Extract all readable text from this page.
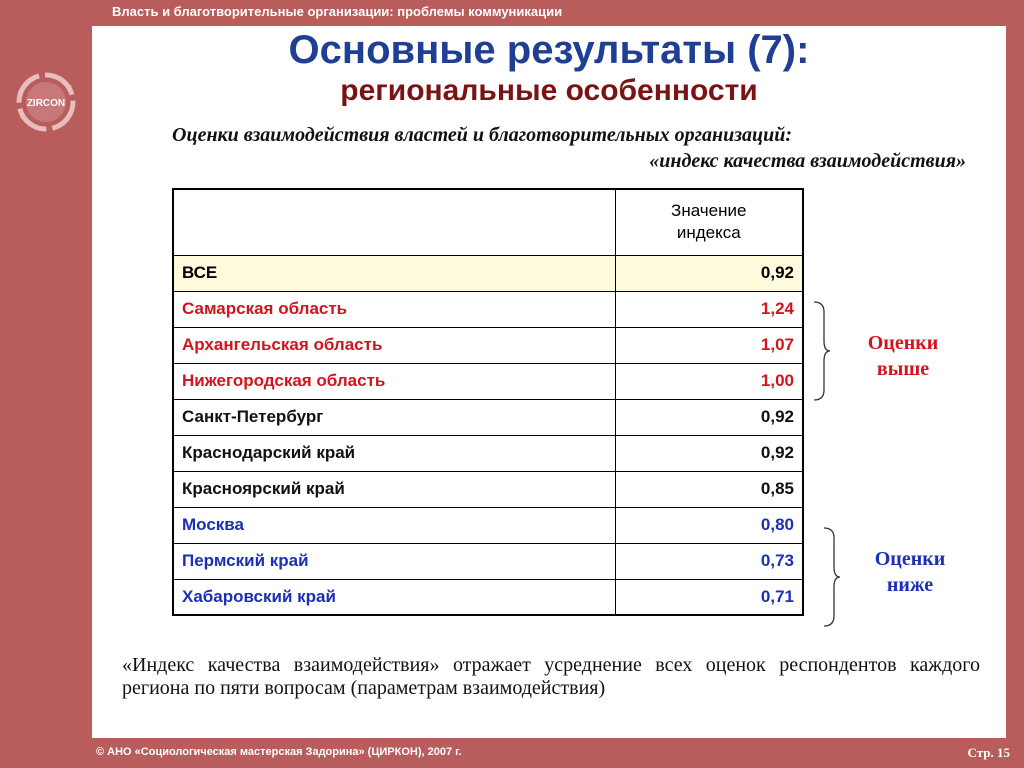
Власть и благотворительные организации: проблемы коммуникации
ZIRCON
Основные результаты (7):
региональные особенности
Оценки взаимодействия властей и благотворительных организаций:
«индекс качества взаимодействия»
	Значение
индекса
ВСЕ	0,92
Самарская область	1,24
Архангельская область	1,07
Нижегородская область	1,00
Санкт-Петербург	0,92
Краснодарский край	0,92
Красноярский край	0,85
Москва	0,80
Пермский край	0,73
Хабаровский край	0,71
Оценки
выше
Оценки
ниже
«Индекс качества взаимодействия» отражает усреднение всех оценок респондентов каждого региона по пяти вопросам (параметрам взаимодействия)
© АНО «Социологическая мастерская Задорина» (ЦИРКОН), 2007 г.	Стр. 15
